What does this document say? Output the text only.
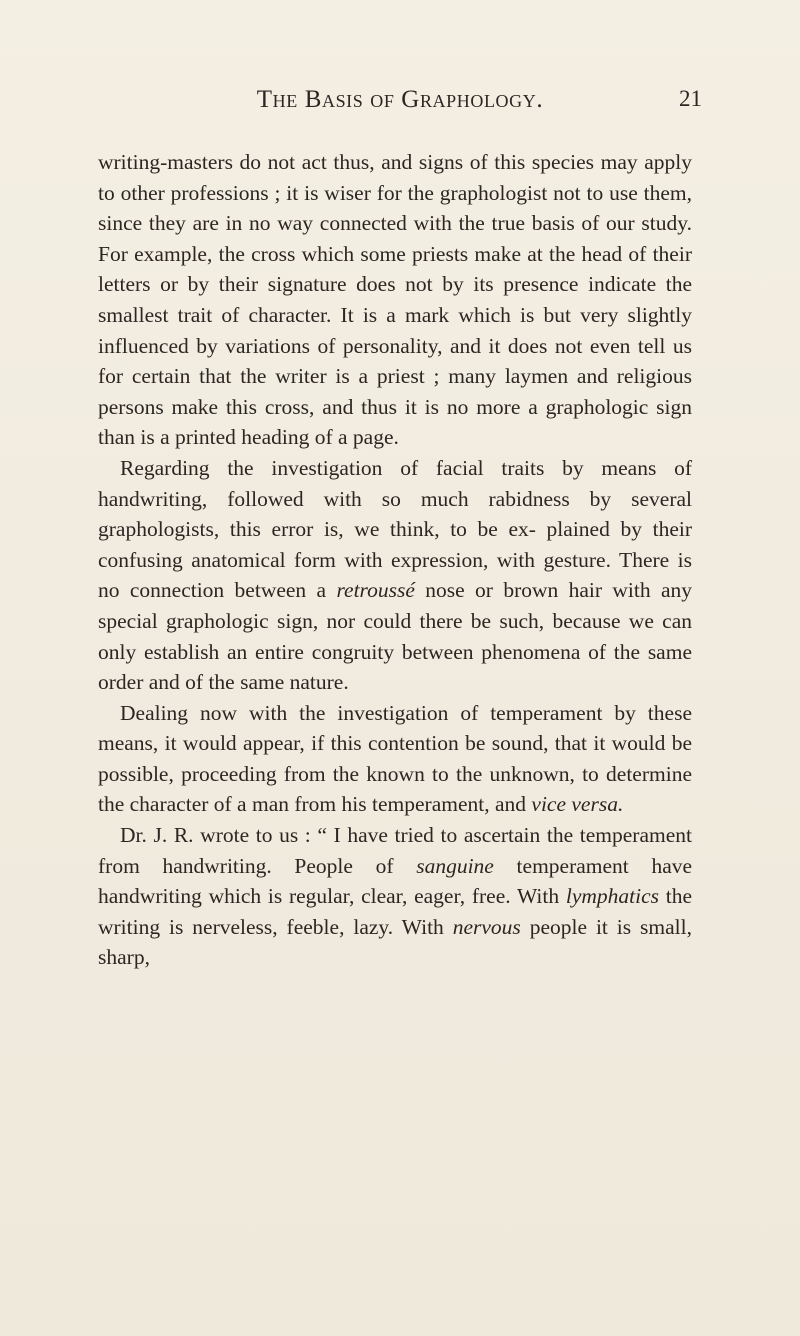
The Basis of Graphology.	21

writing-masters do not act thus, and signs of this species may apply to other professions ; it is wiser for the graphologist not to use them, since they are in no way connected with the true basis of our study. For example, the cross which some priests make at the head of their letters or by their signature does not by its presence indicate the smallest trait of character. It is a mark which is but very slightly influenced by variations of personality, and it does not even tell us for certain that the writer is a priest ; many laymen and religious persons make this cross, and thus it is no more a graphologic sign than is a printed heading of a page.

Regarding the investigation of facial traits by means of handwriting, followed with so much rabidness by several graphologists, this error is, we think, to be ex- plained by their confusing anatomical form with expression, with gesture. There is no connection between a retroussé nose or brown hair with any special graphologic sign, nor could there be such, because we can only establish an entire congruity between phenomena of the same order and of the same nature.

Dealing now with the investigation of temperament by these means, it would appear, if this contention be sound, that it would be possible, proceeding from the known to the unknown, to determine the character of a man from his temperament, and vice versa.

Dr. J. R. wrote to us : “ I have tried to ascertain the temperament from handwriting. People of sanguine temperament have handwriting which is regular, clear, eager, free. With lymphatics the writing is nerveless, feeble, lazy. With nervous people it is small, sharp,
